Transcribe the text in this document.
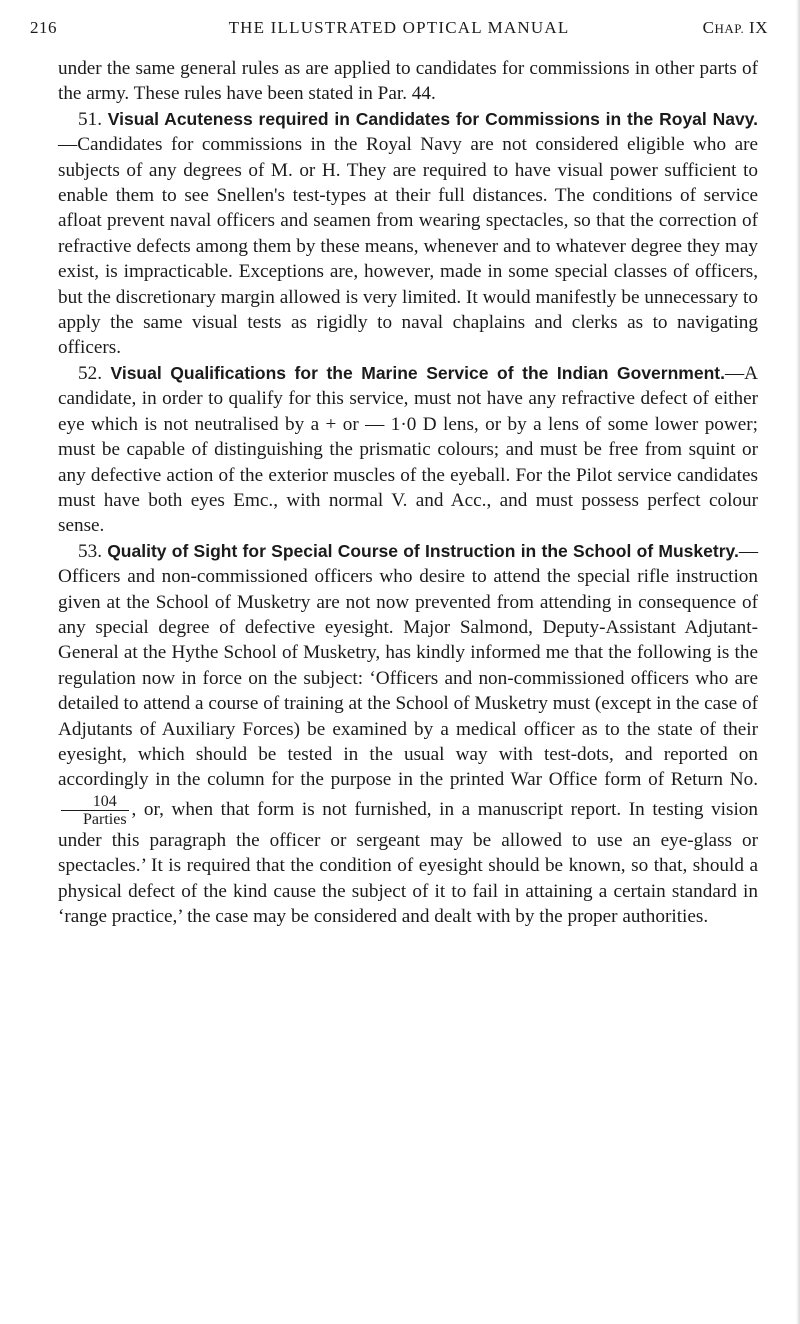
216	THE ILLUSTRATED OPTICAL MANUAL	CHAP. IX

under the same general rules as are applied to candidates for commissions in other parts of the army. These rules have been stated in Par. 44.

51. Visual Acuteness required in Candidates for Commissions in the Royal Navy.—Candidates for commissions in the Royal Navy are not considered eligible who are subjects of any degrees of M. or H. They are required to have visual power sufficient to enable them to see Snellen's test-types at their full distances. The conditions of service afloat prevent naval officers and seamen from wearing spectacles, so that the correction of refractive defects among them by these means, whenever and to whatever degree they may exist, is impracticable. Exceptions are, however, made in some special classes of officers, but the discretionary margin allowed is very limited. It would manifestly be unnecessary to apply the same visual tests as rigidly to naval chaplains and clerks as to navigating officers.

52. Visual Qualifications for the Marine Service of the Indian Government.—A candidate, in order to qualify for this service, must not have any refractive defect of either eye which is not neutralised by a + or — 1·0 D lens, or by a lens of some lower power; must be capable of distinguishing the prismatic colours; and must be free from squint or any defective action of the exterior muscles of the eyeball. For the Pilot service candidates must have both eyes Emc., with normal V. and Acc., and must possess perfect colour sense.

53. Quality of Sight for Special Course of Instruction in the School of Musketry.—Officers and non-commissioned officers who desire to attend the special rifle instruction given at the School of Musketry are not now prevented from attending in consequence of any special degree of defective eyesight. Major Salmond, Deputy-Assistant Adjutant-General at the Hythe School of Musketry, has kindly informed me that the following is the regulation now in force on the subject: ‘Officers and non-commissioned officers who are detailed to attend a course of training at the School of Musketry must (except in the case of Adjutants of Auxiliary Forces) be examined by a medical officer as to the state of their eyesight, which should be tested in the usual way with test-dots, and reported on accordingly in the column for the purpose in the printed War Office form of Return No.
$\frac{104}{\text{Parties}}$ , or, when that form is not furnished, in a manuscript report. In testing vision under this paragraph the officer or sergeant may be allowed to use an eye-glass or spectacles.’ It is required that the condition of eyesight should be known, so that, should a physical defect of the kind cause the subject of it to fail in attaining a certain standard in ‘range practice,’ the case may be considered and dealt with by the proper authorities.
